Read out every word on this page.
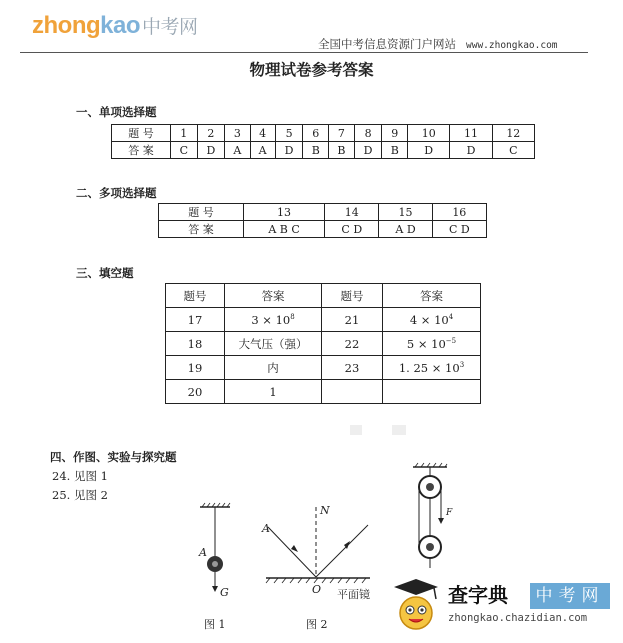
zhongkao 中考网
全国中考信息资源门户网站 www.zhongkao.com
物理试卷参考答案
一、单项选择题
题 号	1	2	3	4	5	6	7	8	9	10	11	12
答 案	C	D	A	A	D	B	B	D	B	D	D	C
二、多项选择题
题 号	13	14	15	16
答 案	A B C	C D	A D	C D
三、填空题
题号	答案	题号	答案
17	$3 \times 10^8$	21	$4 \times 10^4$
18	大气压（强）	22	$5 \times 10^{-5}$
19	内	23	1. $25 \times 10^3$
20	1		
四、作图、实验与探究题
24. 见图 1
25. 见图 2
A
G
图 1
A
N
O 平面镜
图 2
F
查字典	中考网
zhongkao.chazidian.com
